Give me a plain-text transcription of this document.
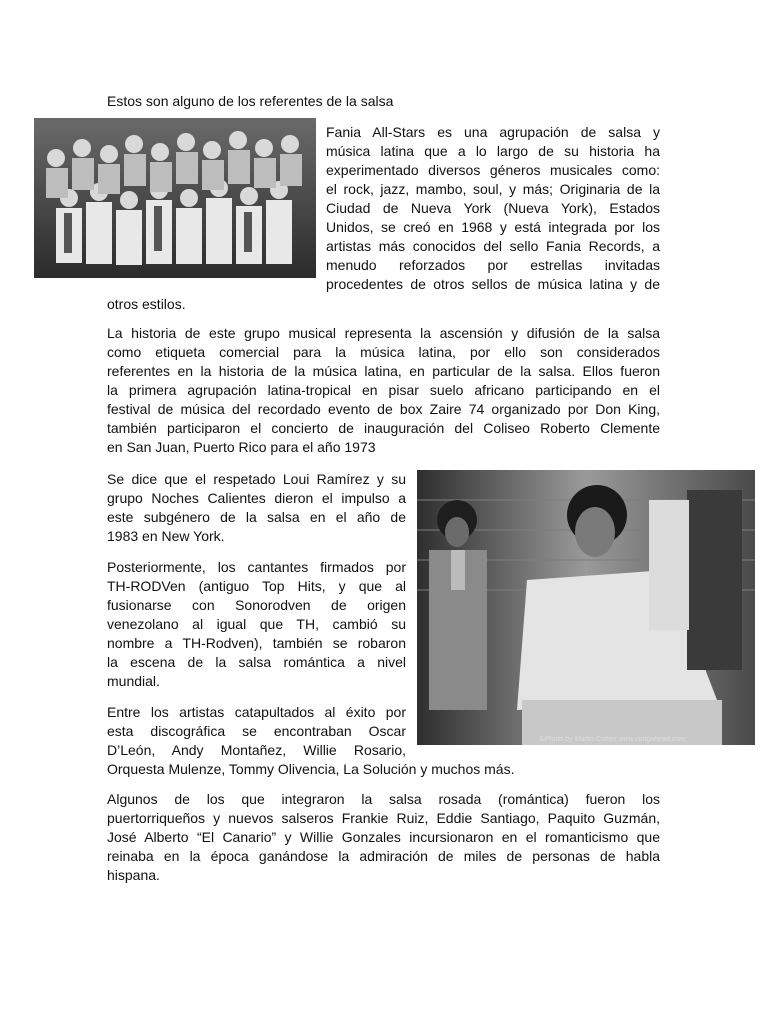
Estos son alguno de los referentes de la salsa

Fania All-Stars es una agrupación de salsa y

música latina que a lo largo de su historia ha

experimentado diversos géneros musicales como:

el rock, jazz, mambo, soul, y más; Originaria de la

Ciudad de Nueva York (Nueva York), Estados

Unidos, se creó en 1968 y está integrada por los

artistas más conocidos del sello Fania Records, a

menudo reforzados por estrellas invitadas

procedentes de otros sellos de música latina y de

otros estilos.

La historia de este grupo musical representa la ascensión y difusión de la salsa

como etiqueta comercial para la música latina, por ello son considerados

referentes en la historia de la música latina, en particular de la salsa. Ellos fueron

la primera agrupación latina-tropical en pisar suelo africano participando en el

festival de música del recordado evento de box Zaire 74 organizado por Don King,

también participaron el concierto de inauguración del Coliseo Roberto Clemente

en San Juan, Puerto Rico para el año 1973

©Photo by Martin Cohen www.congahead.com

Se dice que el respetado Loui Ramírez y su

grupo Noches Calientes dieron el impulso a

este subgénero de la salsa en el año de

1983 en New York.

Posteriormente, los cantantes firmados por

TH-RODVen (antiguo Top Hits, y que al

fusionarse con Sonorodven de origen

venezolano al igual que TH, cambió su

nombre a TH-Rodven), también se robaron

la escena de la salsa romántica a nivel

mundial.

Entre los artistas catapultados al éxito por

esta discográfica se encontraban Oscar

D’León, Andy Montañez, Willie Rosario,

Orquesta Mulenze, Tommy Olivencia, La Solución y muchos más.

Algunos de los que integraron la salsa rosada (romántica) fueron los

puertorriqueños y nuevos salseros Frankie Ruiz, Eddie Santiago, Paquito Guzmán,

José Alberto “El Canario” y Willie Gonzales incursionaron en el romanticismo que

reinaba en la época ganándose la admiración de miles de personas de habla

hispana.
